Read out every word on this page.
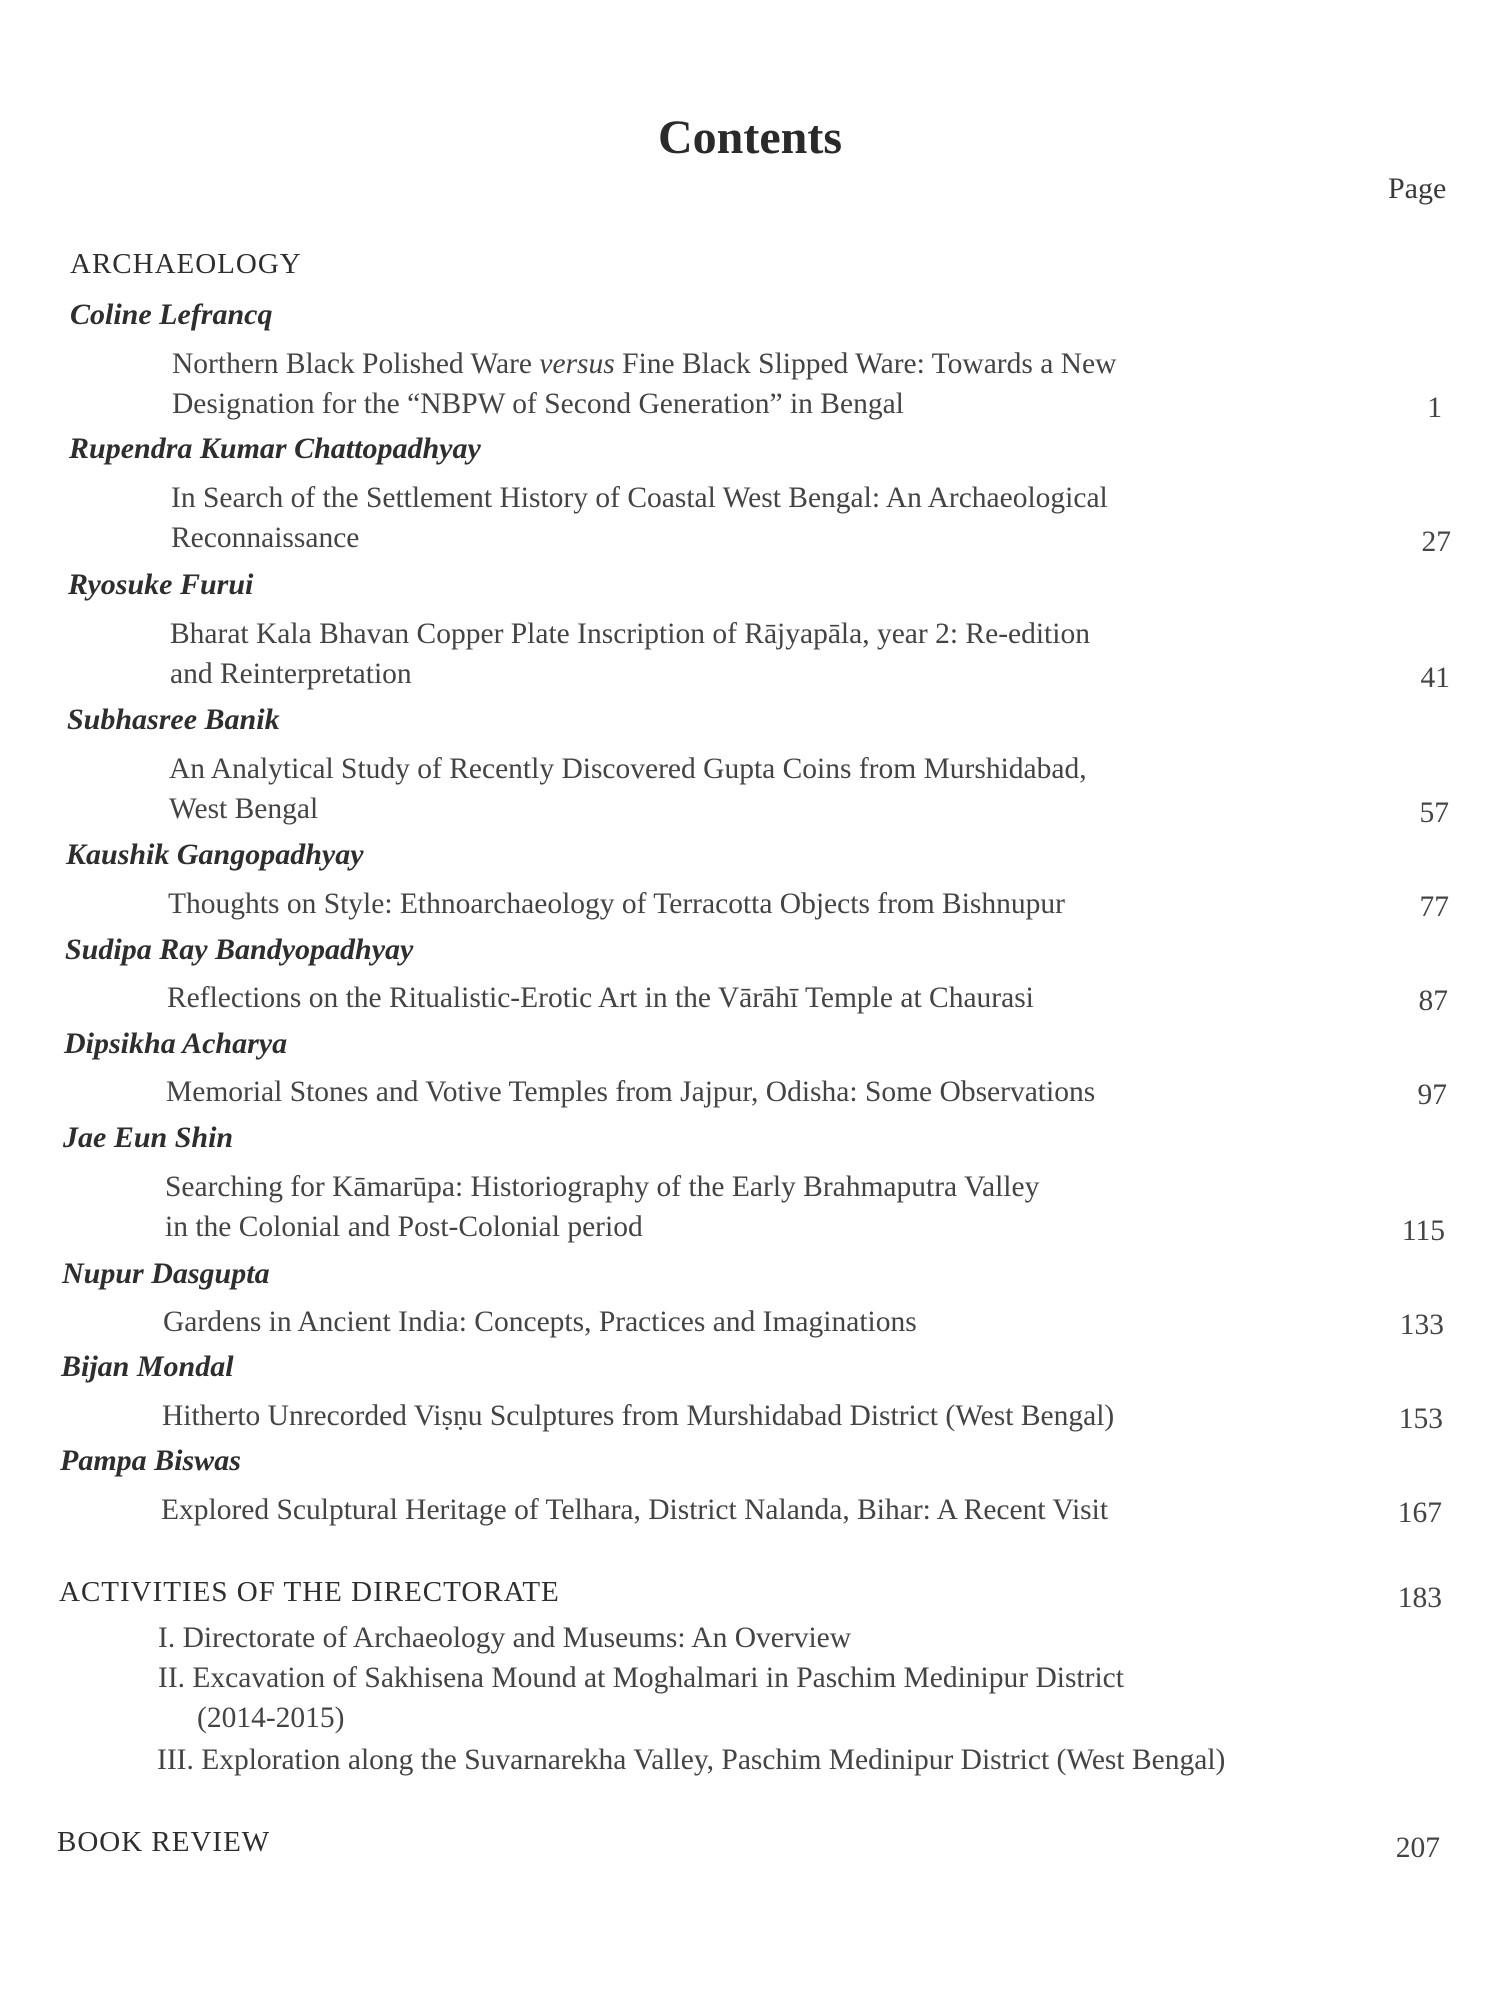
Contents
Page
ARCHAEOLOGY
Coline Lefrancq
Northern Black Polished Ware versus Fine Black Slipped Ware: Towards a New
Designation for the “NBPW of Second Generation” in Bengal	1
Rupendra Kumar Chattopadhyay
In Search of the Settlement History of Coastal West Bengal: An Archaeological
Reconnaissance	27
Ryosuke Furui
Bharat Kala Bhavan Copper Plate Inscription of Rājyapāla, year 2: Re-edition
and Reinterpretation	41
Subhasree Banik
An Analytical Study of Recently Discovered Gupta Coins from Murshidabad,
West Bengal	57
Kaushik Gangopadhyay
Thoughts on Style: Ethnoarchaeology of Terracotta Objects from Bishnupur	77
Sudipa Ray Bandyopadhyay
Reflections on the Ritualistic-Erotic Art in the Vārāhī Temple at Chaurasi	87
Dipsikha Acharya
Memorial Stones and Votive Temples from Jajpur, Odisha: Some Observations	97
Jae Eun Shin
Searching for Kāmarūpa: Historiography of the Early Brahmaputra Valley
in the Colonial and Post-Colonial period	115
Nupur Dasgupta
Gardens in Ancient India: Concepts, Practices and Imaginations	133
Bijan Mondal
Hitherto Unrecorded Viṣṇu Sculptures from Murshidabad District (West Bengal)	153
Pampa Biswas
Explored Sculptural Heritage of Telhara, District Nalanda, Bihar: A Recent Visit	167
ACTIVITIES OF THE DIRECTORATE	183
I. Directorate of Archaeology and Museums: An Overview
II. Excavation of Sakhisena Mound at Moghalmari in Paschim Medinipur District
(2014-2015)
III. Exploration along the Suvarnarekha Valley, Paschim Medinipur District (West Bengal)
BOOK REVIEW	207
